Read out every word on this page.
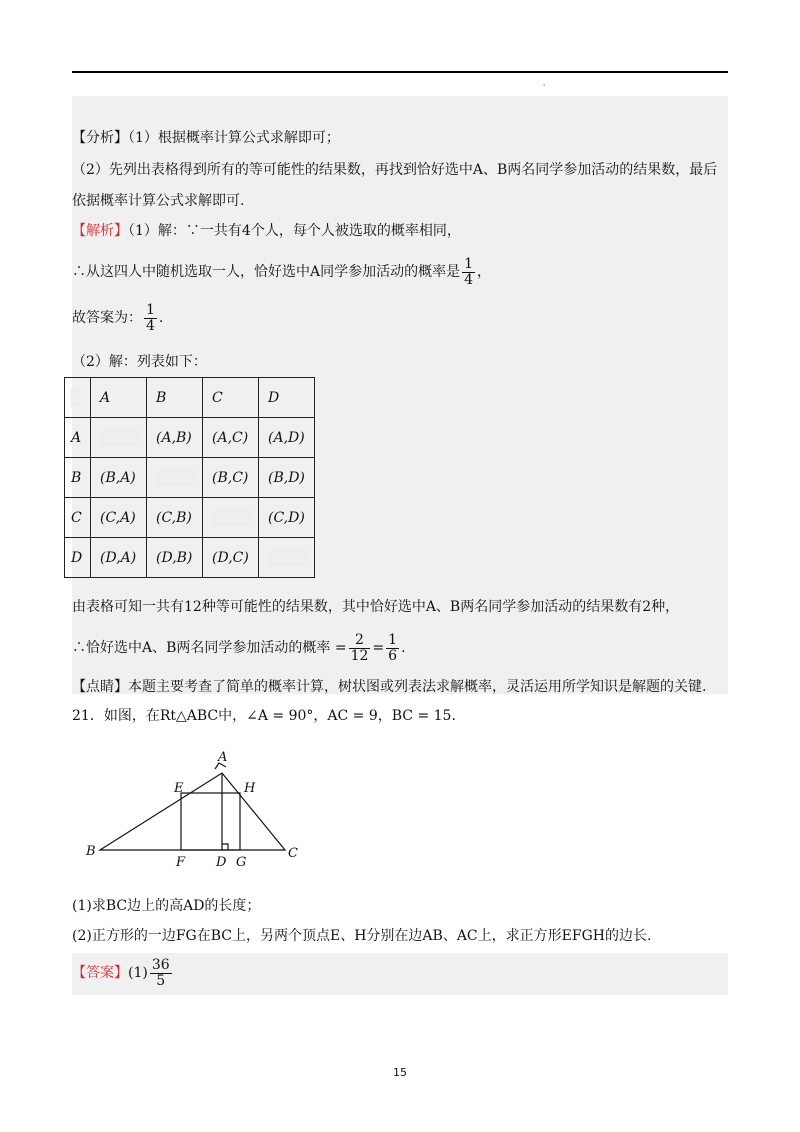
'
【分析】（1）根据概率计算公式求解即可；
（2）先列出表格得到所有的等可能性的结果数，再找到恰好选中A、B两名同学参加活动的结果数，最后
依据概率计算公式求解即可.
【解析】（1）解：∵一共有4个人，每个人被选取的概率相同，
∴从这四人中随机选取一人，恰好选中A同学参加活动的概率是 $\frac{1}{4}$ ，
故答案为： $\frac{1}{4}$ .
（2）解：列表如下：
	A	B	C	D
A		(A,B)	(A,C)	(A,D)
B	(B,A)		(B,C)	(B,D)
C	(C,A)	(C,B)		(C,D)
D	(D,A)	(D,B)	(D,C)	
由表格可知一共有12种等可能性的结果数，其中恰好选中A、B两名同学参加活动的结果数有2种，
∴恰好选中A、B两名同学参加活动的概率 = $\frac{2}{12} = \frac{1}{6}$ .
【点睛】本题主要考查了简单的概率计算，树状图或列表法求解概率，灵活运用所学知识是解题的关键.
21．如图，在Rt△ABC中，∠A = 90°，AC = 9，BC = 15．
A
B	C
D
E
F	G
H
(1)求BC边上的高AD的长度；
(2)正方形的一边FG在BC上，另两个顶点E、H分别在边AB、AC上，求正方形EFGH的边长.
【答案】$(1) \frac{36}{5}$
15
